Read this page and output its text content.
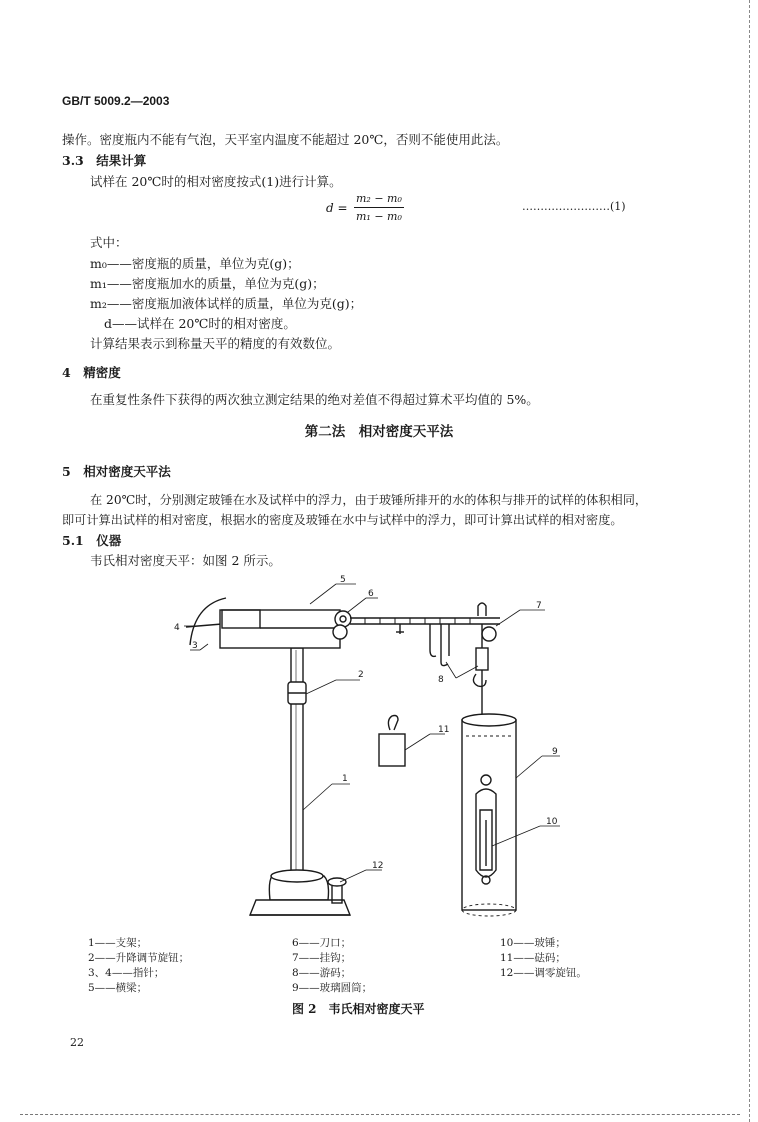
GB/T 5009.2—2003
操作。密度瓶内不能有气泡，天平室内温度不能超过 20℃，否则不能使用此法。
3.3　结果计算
试样在 20℃时的相对密度按式(1)进行计算。
d =
m₂ − m₀
m₁ − m₀
……………………(1)
式中：
m₀——密度瓶的质量，单位为克(g)；
m₁——密度瓶加水的质量，单位为克(g)；
m₂——密度瓶加液体试样的质量，单位为克(g)；
d——试样在 20℃时的相对密度。
计算结果表示到称量天平的精度的有效数位。
4　精密度
在重复性条件下获得的两次独立测定结果的绝对差值不得超过算术平均值的 5%。
第二法　相对密度天平法
5　相对密度天平法
在 20℃时，分别测定玻锤在水及试样中的浮力，由于玻锤所排开的水的体积与排开的试样的体积相同，
即可计算出试样的相对密度，根据水的密度及玻锤在水中与试样中的浮力，即可计算出试样的相对密度。
5.1　仪器
韦氏相对密度天平：如图 2 所示。
1
2
3
4
5
6
7
8
9
10
11
12
1——支架；
2——升降调节旋钮；
3、4——指针；
5——横梁；
6——刀口；
7——挂钩；
8——游码；
9——玻璃圆筒；
10——玻锤；
11——砝码；
12——调零旋钮。
图 2　韦氏相对密度天平
22
